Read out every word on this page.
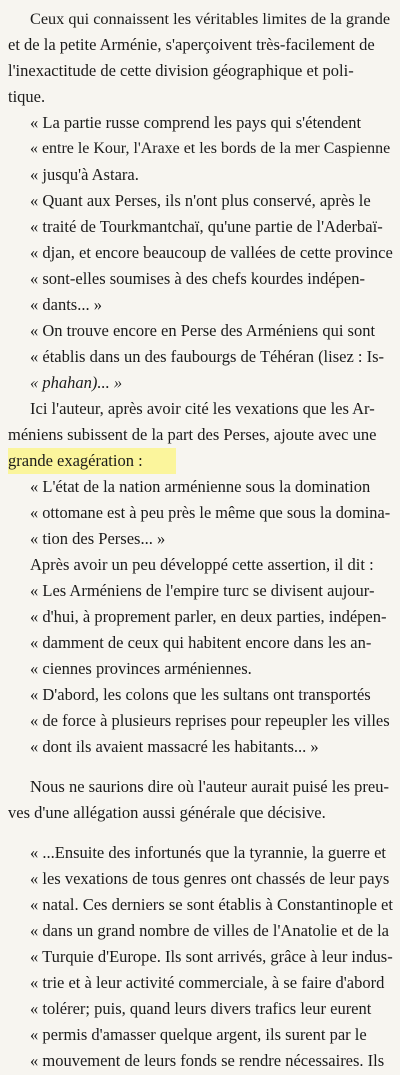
Ceux qui connaissent les véritables limites de la grande
et de la petite Arménie, s'aperçoivent très-facilement de
l'inexactitude de cette division géographique et poli-
tique.
« La partie russe comprend les pays qui s'étendent
« entre le Kour, l'Araxe et les bords de la mer Caspienne
« jusqu'à Astara.
« Quant aux Perses, ils n'ont plus conservé, après le
« traité de Tourkmantchaï, qu'une partie de l'Aderbaï-
« djan, et encore beaucoup de vallées de cette province
« sont-elles soumises à des chefs kourdes indépen-
« dants... »
« On trouve encore en Perse des Arméniens qui sont
« établis dans un des faubourgs de Téhéran (lisez : Is-
« phahan)... »
Ici l'auteur, après avoir cité les vexations que les Ar-
méniens subissent de la part des Perses, ajoute avec une
grande exagération :
« L'état de la nation arménienne sous la domination
« ottomane est à peu près le même que sous la domina-
« tion des Perses... »
Après avoir un peu développé cette assertion, il dit :
« Les Arméniens de l'empire turc se divisent aujour-
« d'hui, à proprement parler, en deux parties, indépen-
« damment de ceux qui habitent encore dans les an-
« ciennes provinces arméniennes.
« D'abord, les colons que les sultans ont transportés
« de force à plusieurs reprises pour repeupler les villes
« dont ils avaient massacré les habitants... »
Nous ne saurions dire où l'auteur aurait puisé les preu-
ves d'une allégation aussi générale que décisive.
« ...Ensuite des infortunés que la tyrannie, la guerre et
« les vexations de tous genres ont chassés de leur pays
« natal. Ces derniers se sont établis à Constantinople et
« dans un grand nombre de villes de l'Anatolie et de la
« Turquie d'Europe. Ils sont arrivés, grâce à leur indus-
« trie et à leur activité commerciale, à se faire d'abord
« tolérer; puis, quand leurs divers trafics leur eurent
« permis d'amasser quelque argent, ils surent par le
« mouvement de leurs fonds se rendre nécessaires. Ils
